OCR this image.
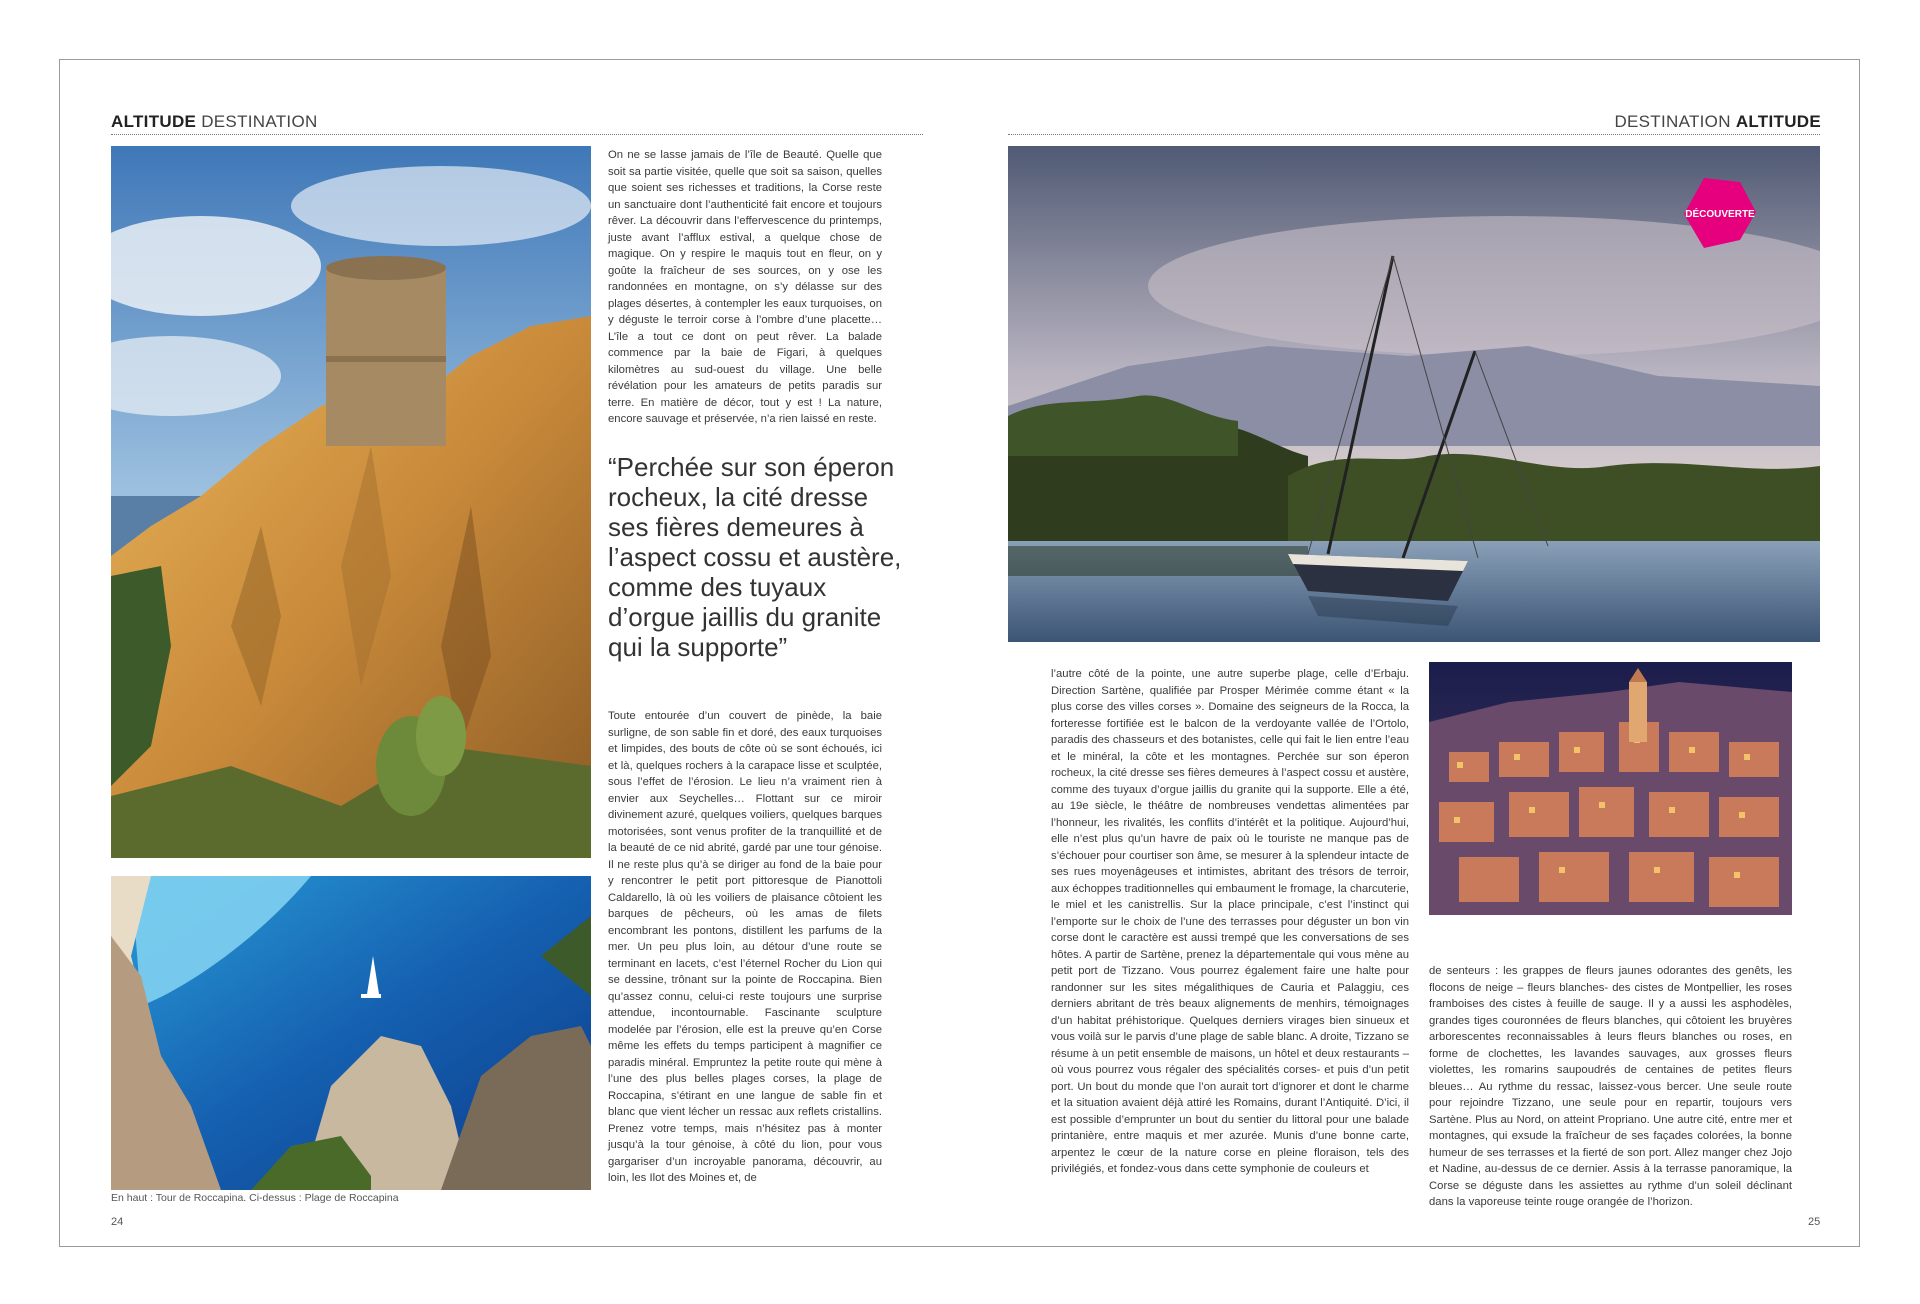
ALTITUDE DESTINATION	DESTINATION ALTITUDE
En haut : Tour de Roccapina. Ci-dessus : Plage de Roccapina
24

On ne se lasse jamais de l’île de Beauté. Quelle que soit sa partie visitée, quelle que soit sa saison, quelles que soient ses richesses et traditions, la Corse reste un sanctuaire dont l’authenticité fait encore et toujours rêver. La découvrir dans l’effervescence du printemps, juste avant l’afflux estival, a quelque chose de magique. On y respire le maquis tout en fleur, on y goûte la fraîcheur de ses sources, on y ose les randonnées en montagne, on s’y délasse sur des plages désertes, à contempler les eaux turquoises, on y déguste le terroir corse à l’ombre d’une placette… L’île a tout ce dont on peut rêver. La balade commence par la baie de Figari, à quelques kilomètres au sud-ouest du village. Une belle révélation pour les amateurs de petits paradis sur terre. En matière de décor, tout y est ! La nature, encore sauvage et préservée, n’a rien laissé en reste.

“Perchée sur son éperon rocheux, la cité dresse ses fières demeures à l’aspect cossu et austère, comme des tuyaux d’orgue jaillis du granite qui la supporte”

Toute entourée d’un couvert de pinède, la baie surligne, de son sable fin et doré, des eaux turquoises et limpides, des bouts de côte où se sont échoués, ici et là, quelques rochers à la carapace lisse et sculptée, sous l’effet de l’érosion. Le lieu n’a vraiment rien à envier aux Seychelles… Flottant sur ce miroir divinement azuré, quelques voiliers, quelques barques motorisées, sont venus profiter de la tranquillité et de la beauté de ce nid abrité, gardé par une tour génoise. Il ne reste plus qu’à se diriger au fond de la baie pour y rencontrer le petit port pittoresque de Pianottoli Caldarello, là où les voiliers de plaisance côtoient les barques de pêcheurs, où les amas de filets encombrant les pontons, distillent les parfums de la mer. Un peu plus loin, au détour d’une route se terminant en lacets, c’est l’éternel Rocher du Lion qui se dessine, trônant sur la pointe de Roccapina. Bien qu’assez connu, celui-ci reste toujours une surprise attendue, incontournable. Fascinante sculpture modelée par l’érosion, elle est la preuve qu’en Corse même les effets du temps participent à magnifier ce paradis minéral. Empruntez la petite route qui mène à l’une des plus belles plages corses, la plage de Roccapina, s’étirant en une langue de sable fin et blanc que vient lécher un ressac aux reflets cristallins. Prenez votre temps, mais n’hésitez pas à monter jusqu’à la tour génoise, à côté du lion, pour vous gargariser d’un incroyable panorama, découvrir, au loin, les Ilot des Moines et, de

DÉCOUVERTE

l’autre côté de la pointe, une autre superbe plage, celle d’Erbaju. Direction Sartène, qualifiée par Prosper Mérimée comme étant « la plus corse des villes corses ». Domaine des seigneurs de la Rocca, la forteresse fortifiée est le balcon de la verdoyante vallée de l’Ortolo, paradis des chasseurs et des botanistes, celle qui fait le lien entre l’eau et le minéral, la côte et les montagnes. Perchée sur son éperon rocheux, la cité dresse ses fières demeures à l’aspect cossu et austère, comme des tuyaux d’orgue jaillis du granite qui la supporte. Elle a été, au 19e siècle, le théâtre de nombreuses vendettas alimentées par l’honneur, les rivalités, les conflits d’intérêt et la politique. Aujourd’hui, elle n’est plus qu’un havre de paix où le touriste ne manque pas de s’échouer pour courtiser son âme, se mesurer à la splendeur intacte de ses rues moyenâgeuses et intimistes, abritant des trésors de terroir, aux échoppes traditionnelles qui embaument le fromage, la charcuterie, le miel et les canistrellis. Sur la place principale, c’est l’instinct qui l’emporte sur le choix de l’une des terrasses pour déguster un bon vin corse dont le caractère est aussi trempé que les conversations de ses hôtes. A partir de Sartène, prenez la départementale qui vous mène au petit port de Tizzano. Vous pourrez également faire une halte pour randonner sur les sites mégalithiques de Cauria et Palaggiu, ces derniers abritant de très beaux alignements de menhirs, témoignages d’un habitat préhistorique. Quelques derniers virages bien sinueux et vous voilà sur le parvis d’une plage de sable blanc. A droite, Tizzano se résume à un petit ensemble de maisons, un hôtel et deux restaurants – où vous pourrez vous régaler des spécialités corses- et puis d’un petit port. Un bout du monde que l’on aurait tort d’ignorer et dont le charme et la situation avaient déjà attiré les Romains, durant l’Antiquité. D’ici, il est possible d’emprunter un bout du sentier du littoral pour une balade printanière, entre maquis et mer azurée. Munis d’une bonne carte, arpentez le cœur de la nature corse en pleine floraison, tels des privilégiés, et fondez-vous dans cette symphonie de couleurs et

de senteurs : les grappes de fleurs jaunes odorantes des genêts, les flocons de neige – fleurs blanches- des cistes de Montpellier, les roses framboises des cistes à feuille de sauge. Il y a aussi les asphodèles, grandes tiges couronnées de fleurs blanches, qui côtoient les bruyères arborescentes reconnaissables à leurs fleurs blanches ou roses, en forme de clochettes, les lavandes sauvages, aux grosses fleurs violettes, les romarins saupoudrés de centaines de petites fleurs bleues… Au rythme du ressac, laissez-vous bercer. Une seule route pour rejoindre Tizzano, une seule pour en repartir, toujours vers Sartène. Plus au Nord, on atteint Propriano. Une autre cité, entre mer et montagnes, qui exsude la fraîcheur de ses façades colorées, la bonne humeur de ses terrasses et la fierté de son port. Allez manger chez Jojo et Nadine, au-dessus de ce dernier. Assis à la terrasse panoramique, la Corse se déguste dans les assiettes au rythme d’un soleil déclinant dans la vaporeuse teinte rouge orangée de l’horizon.

25
